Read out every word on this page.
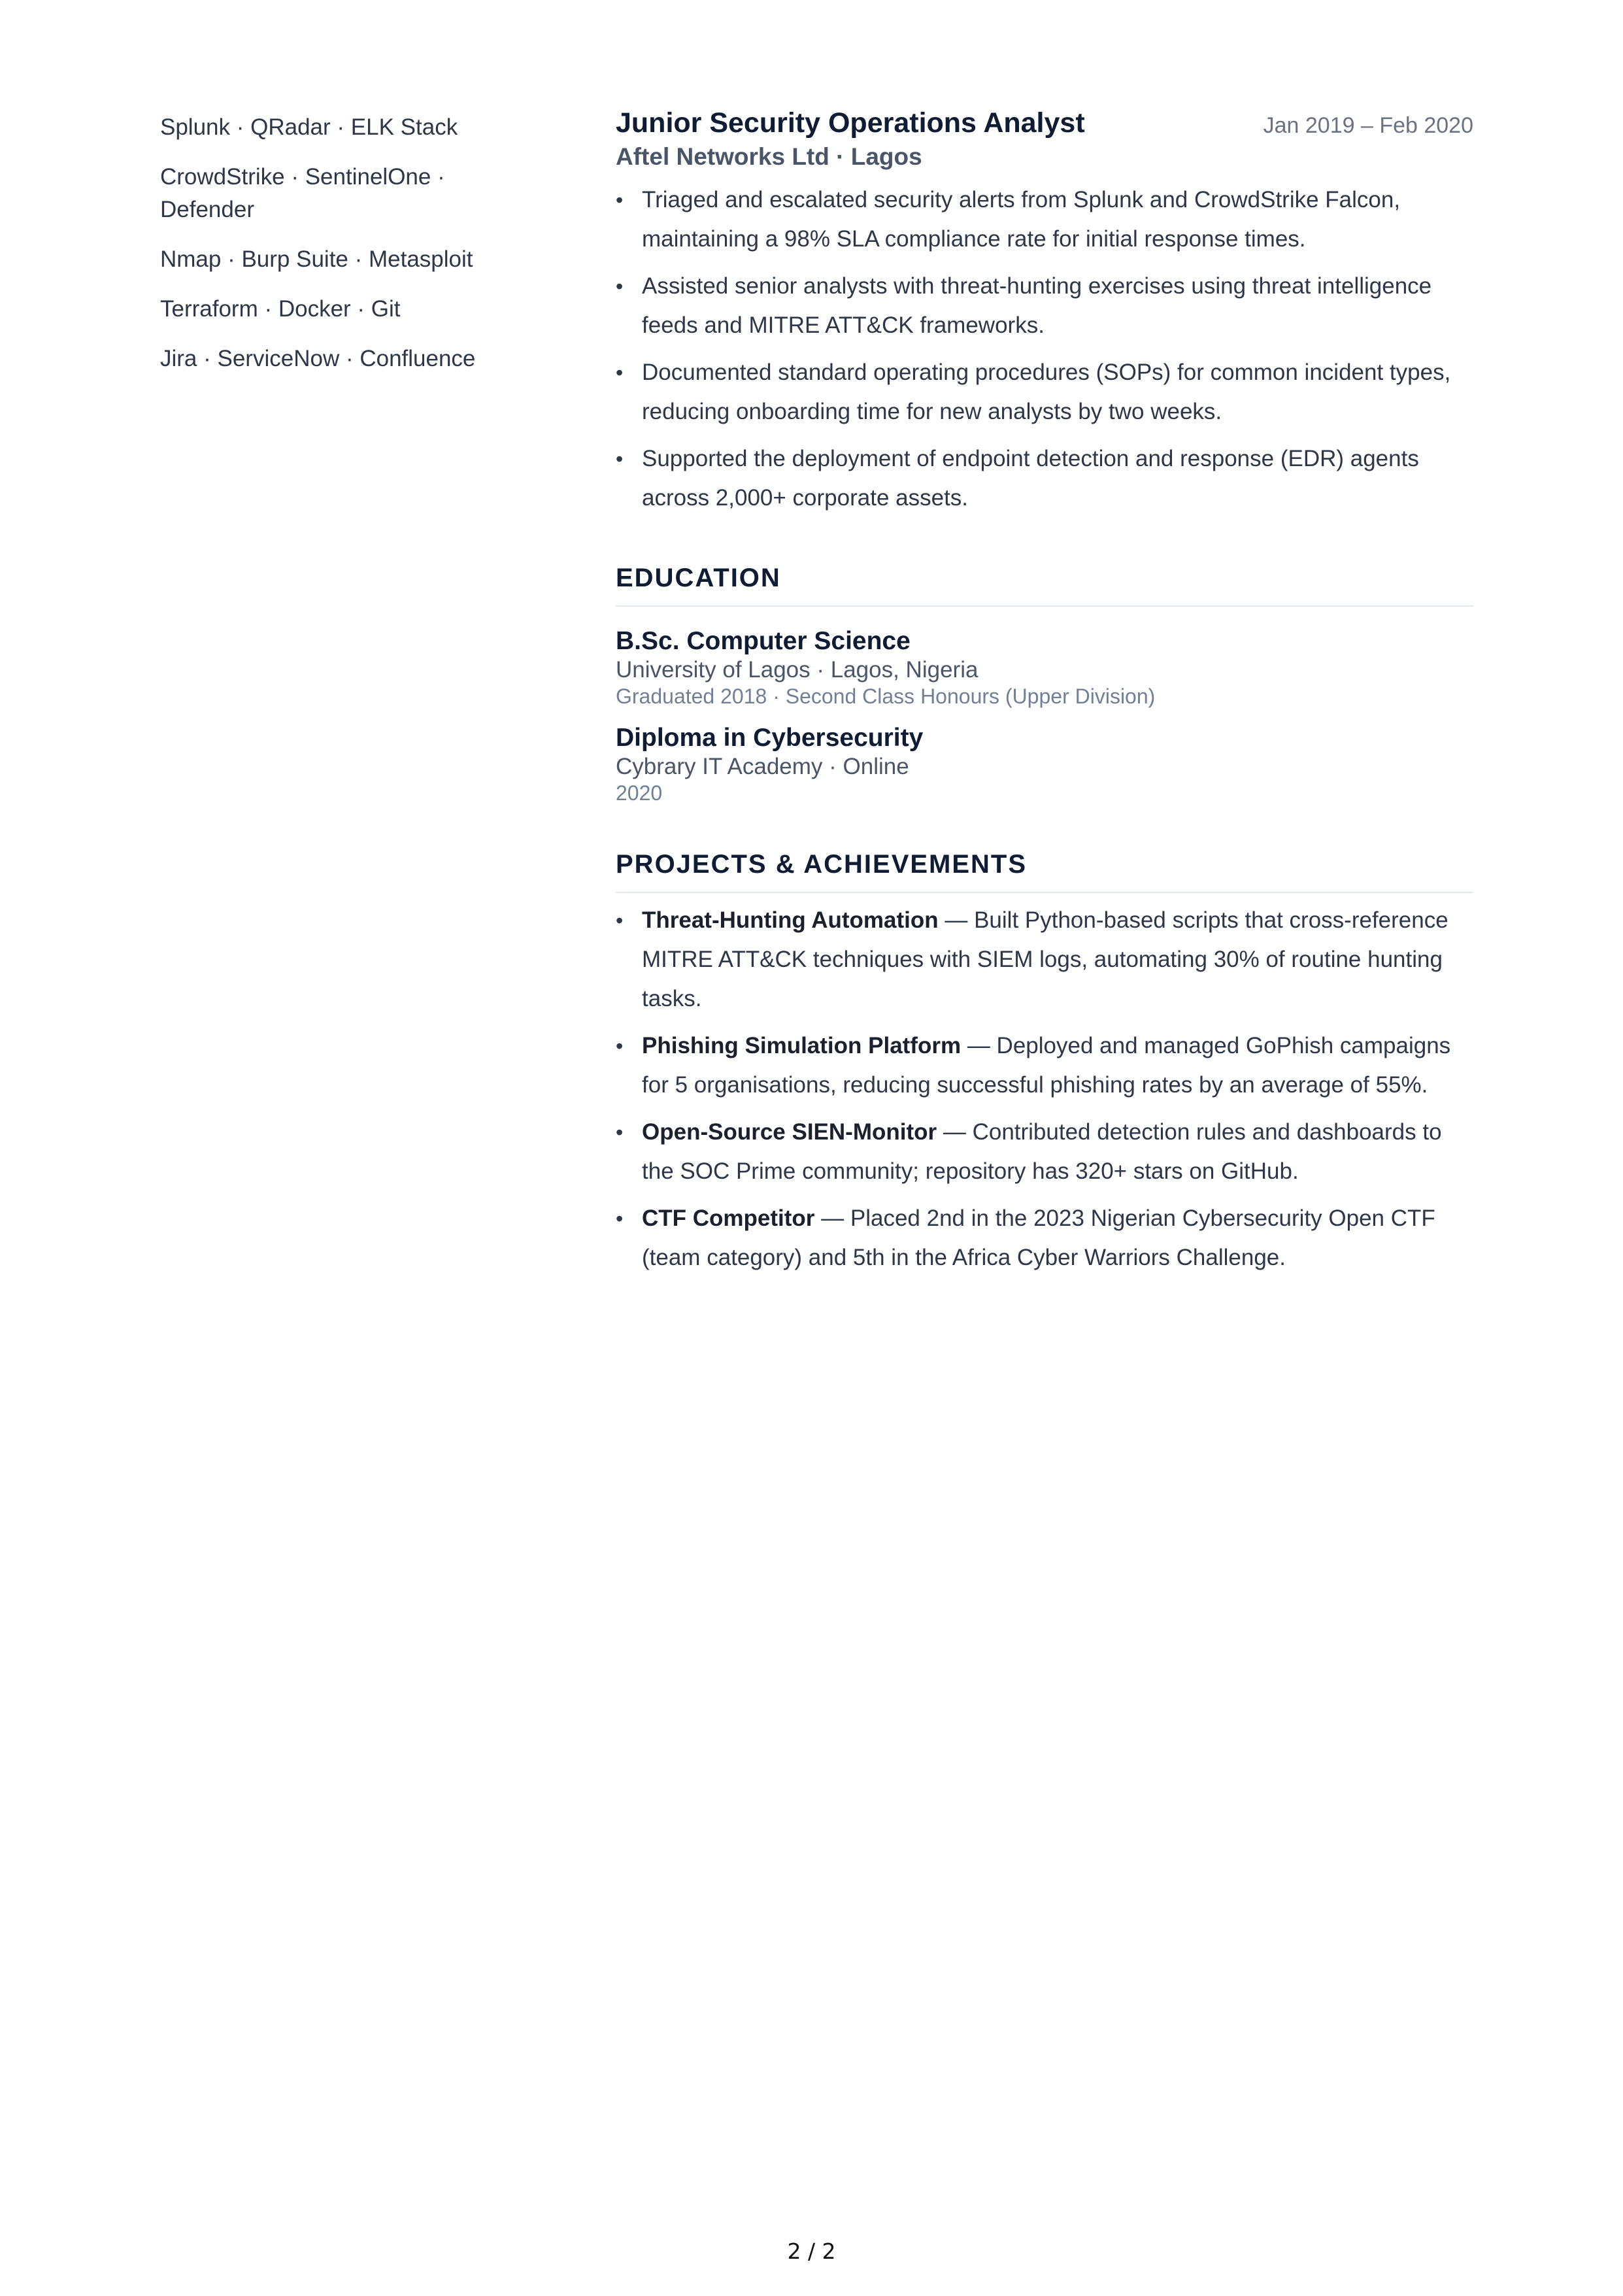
Splunk · QRadar · ELK Stack
CrowdStrike · SentinelOne · Defender
Nmap · Burp Suite · Metasploit
Terraform · Docker · Git
Jira · ServiceNow · Confluence
Junior Security Operations Analyst	Jan 2019 – Feb 2020
Aftel Networks Ltd · Lagos
• Triaged and escalated security alerts from Splunk and CrowdStrike Falcon, maintaining a 98% SLA compliance rate for initial response times.
• Assisted senior analysts with threat-hunting exercises using threat intelligence feeds and MITRE ATT&CK frameworks.
• Documented standard operating procedures (SOPs) for common incident types, reducing onboarding time for new analysts by two weeks.
• Supported the deployment of endpoint detection and response (EDR) agents across 2,000+ corporate assets.
EDUCATION
B.Sc. Computer Science
University of Lagos · Lagos, Nigeria
Graduated 2018 · Second Class Honours (Upper Division)
Diploma in Cybersecurity
Cybrary IT Academy · Online
2020
PROJECTS & ACHIEVEMENTS
• Threat-Hunting Automation — Built Python-based scripts that cross-reference MITRE ATT&CK techniques with SIEM logs, automating 30% of routine hunting tasks.
• Phishing Simulation Platform — Deployed and managed GoPhish campaigns for 5 organisations, reducing successful phishing rates by an average of 55%.
• Open-Source SIEN-Monitor — Contributed detection rules and dashboards to the SOC Prime community; repository has 320+ stars on GitHub.
• CTF Competitor — Placed 2nd in the 2023 Nigerian Cybersecurity Open CTF (team category) and 5th in the Africa Cyber Warriors Challenge.
2 / 2
